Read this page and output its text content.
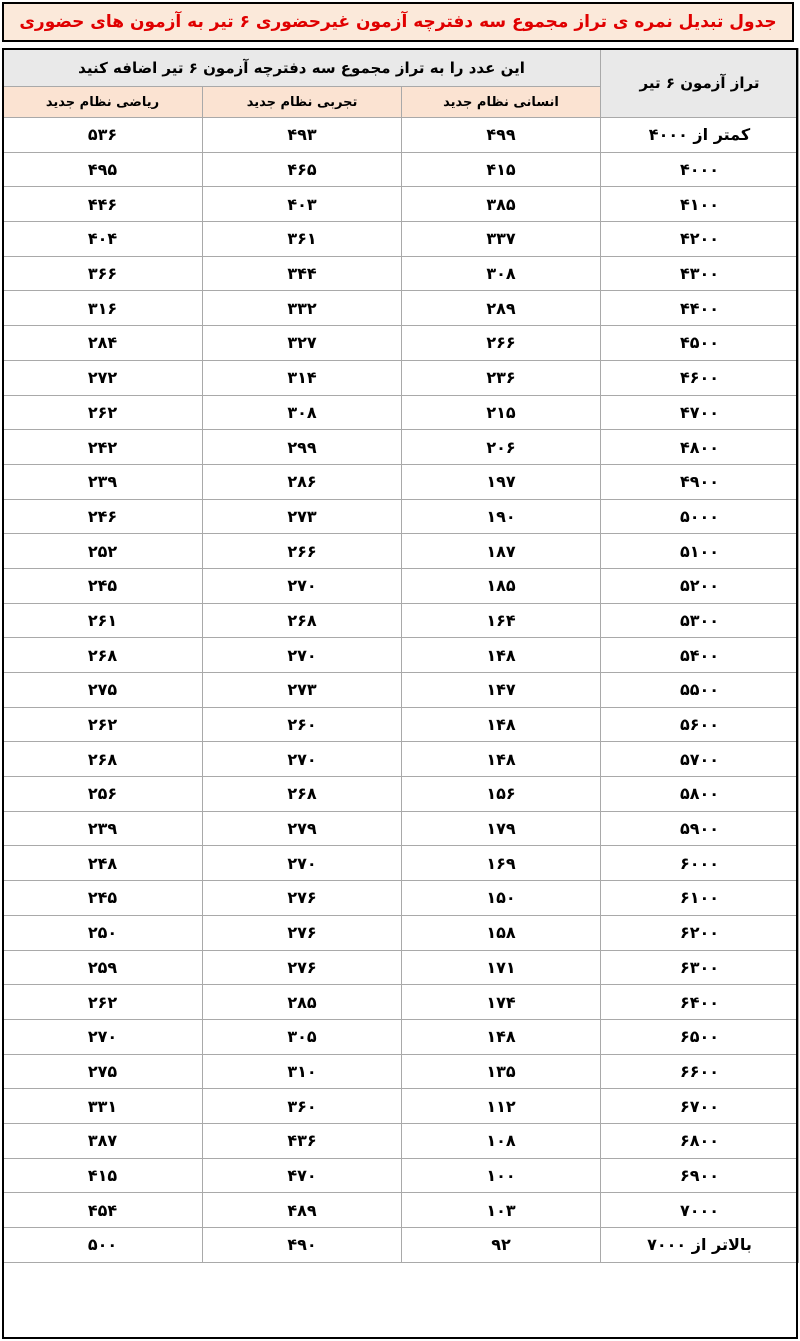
جدول تبدیل نمره ی تراز مجموع سه دفترچه آزمون غیرحضوری ۶ تیر به آزمون های حضوری
تراز آزمون ۶ تیر	این عدد را به تراز مجموع سه دفترچه آزمون ۶ تیر اضافه کنید		
	انسانی نظام جدید	تجربی نظام جدید	ریاضی نظام جدید
کمتر از ۴۰۰۰	۴۹۹	۴۹۳	۵۳۶
۴۰۰۰	۴۱۵	۴۶۵	۴۹۵
۴۱۰۰	۳۸۵	۴۰۳	۴۴۶
۴۲۰۰	۳۳۷	۳۶۱	۴۰۴
۴۳۰۰	۳۰۸	۳۴۴	۳۶۶
۴۴۰۰	۲۸۹	۳۳۲	۳۱۶
۴۵۰۰	۲۶۶	۳۲۷	۲۸۴
۴۶۰۰	۲۳۶	۳۱۴	۲۷۲
۴۷۰۰	۲۱۵	۳۰۸	۲۶۲
۴۸۰۰	۲۰۶	۲۹۹	۲۴۲
۴۹۰۰	۱۹۷	۲۸۶	۲۳۹
۵۰۰۰	۱۹۰	۲۷۳	۲۴۶
۵۱۰۰	۱۸۷	۲۶۶	۲۵۲
۵۲۰۰	۱۸۵	۲۷۰	۲۴۵
۵۳۰۰	۱۶۴	۲۶۸	۲۶۱
۵۴۰۰	۱۴۸	۲۷۰	۲۶۸
۵۵۰۰	۱۴۷	۲۷۳	۲۷۵
۵۶۰۰	۱۴۸	۲۶۰	۲۶۲
۵۷۰۰	۱۴۸	۲۷۰	۲۶۸
۵۸۰۰	۱۵۶	۲۶۸	۲۵۶
۵۹۰۰	۱۷۹	۲۷۹	۲۳۹
۶۰۰۰	۱۶۹	۲۷۰	۲۴۸
۶۱۰۰	۱۵۰	۲۷۶	۲۴۵
۶۲۰۰	۱۵۸	۲۷۶	۲۵۰
۶۳۰۰	۱۷۱	۲۷۶	۲۵۹
۶۴۰۰	۱۷۴	۲۸۵	۲۶۲
۶۵۰۰	۱۴۸	۳۰۵	۲۷۰
۶۶۰۰	۱۳۵	۳۱۰	۲۷۵
۶۷۰۰	۱۱۲	۳۶۰	۳۳۱
۶۸۰۰	۱۰۸	۴۳۶	۳۸۷
۶۹۰۰	۱۰۰	۴۷۰	۴۱۵
۷۰۰۰	۱۰۳	۴۸۹	۴۵۴
بالاتر از ۷۰۰۰	۹۲	۴۹۰	۵۰۰
